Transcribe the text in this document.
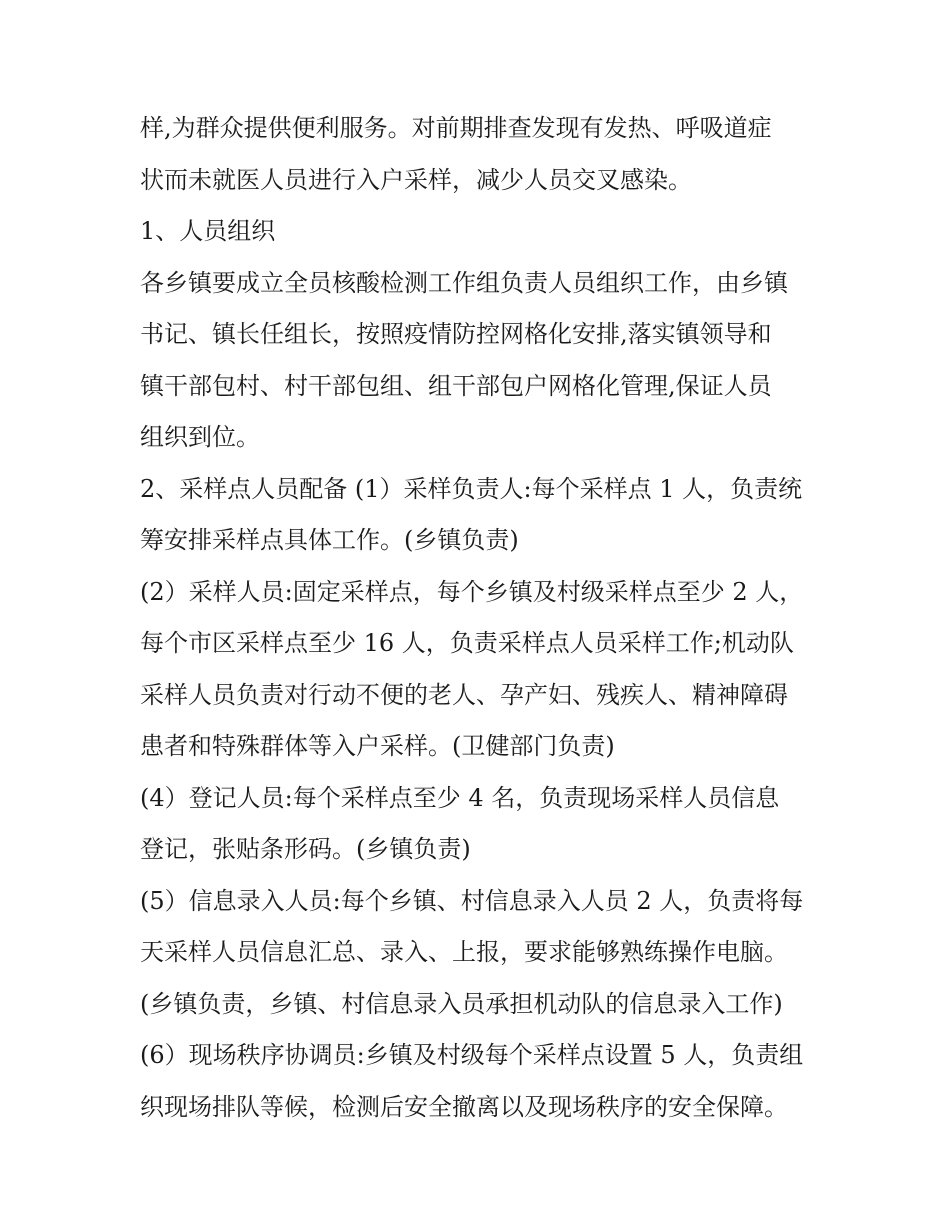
样,为群众提供便利服务。对前期排查发现有发热、呼吸道症
状而未就医人员进行入户采样，减少人员交叉感染。
1、人员组织
各乡镇要成立全员核酸检测工作组负责人员组织工作，由乡镇
书记、镇长任组长，按照疫情防控网格化安排,落实镇领导和
镇干部包村、村干部包组、组干部包户网格化管理,保证人员
组织到位。
2、采样点人员配备 (1）采样负责人:每个采样点 1 人，负责统
筹安排采样点具体工作。(乡镇负责)
(2）采样人员:固定采样点，每个乡镇及村级采样点至少 2 人，
每个市区采样点至少 16 人，负责采样点人员采样工作;机动队
采样人员负责对行动不便的老人、孕产妇、残疾人、精神障碍
患者和特殊群体等入户采样。(卫健部门负责)
(4）登记人员:每个采样点至少 4 名，负责现场采样人员信息
登记，张贴条形码。(乡镇负责)
(5）信息录入人员:每个乡镇、村信息录入人员 2 人，负责将每
天采样人员信息汇总、录入、上报，要求能够熟练操作电脑。
(乡镇负责，乡镇、村信息录入员承担机动队的信息录入工作)
(6）现场秩序协调员:乡镇及村级每个采样点设置 5 人，负责组
织现场排队等候，检测后安全撤离以及现场秩序的安全保障。
